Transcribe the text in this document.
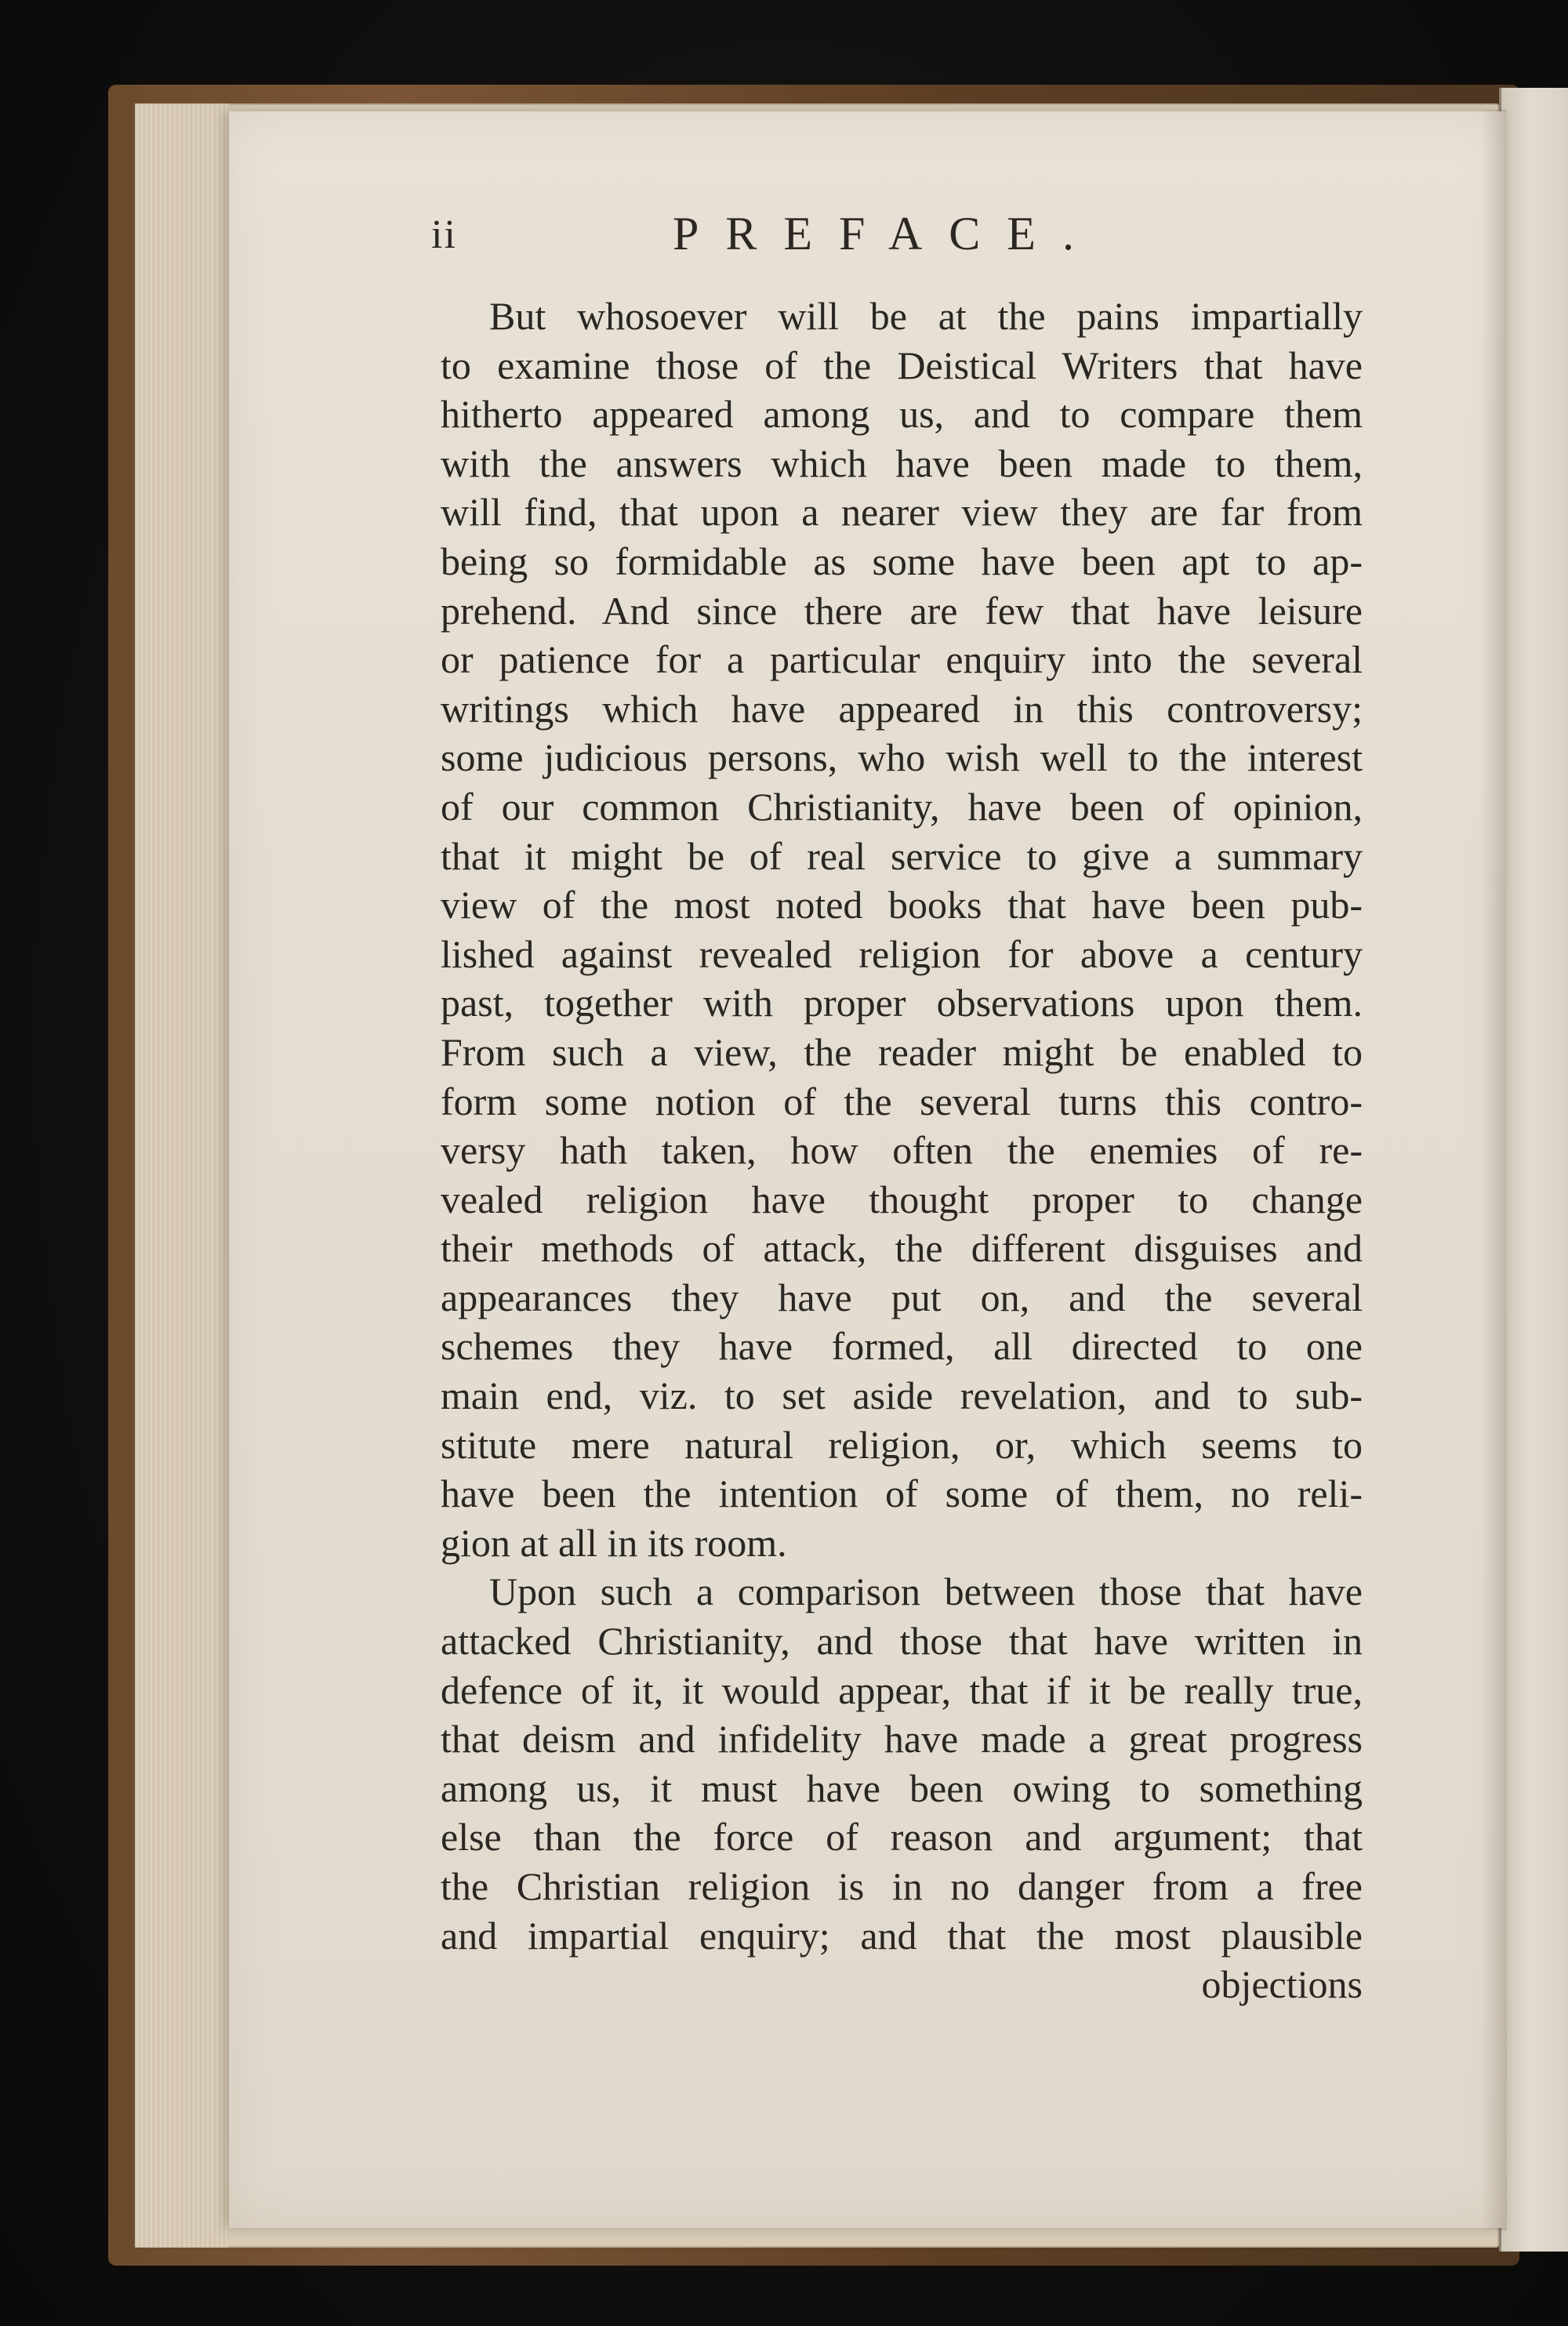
ii	PREFACE.
But whosoever will be at the pains impartially
to examine those of the Deistical Writers that have
hitherto appeared among us, and to compare them
with the answers which have been made to them,
will find, that upon a nearer view they are far from
being so formidable as some have been apt to ap-
prehend. And since there are few that have leisure
or patience for a particular enquiry into the several
writings which have appeared in this controversy;
some judicious persons, who wish well to the interest
of our common Christianity, have been of opinion,
that it might be of real service to give a summary
view of the most noted books that have been pub-
lished against revealed religion for above a century
past, together with proper observations upon them.
From such a view, the reader might be enabled to
form some notion of the several turns this contro-
versy hath taken, how often the enemies of re-
vealed religion have thought proper to change
their methods of attack, the different disguises and
appearances they have put on, and the several
schemes they have formed, all directed to one
main end, viz. to set aside revelation, and to sub-
stitute mere natural religion, or, which seems to
have been the intention of some of them, no reli-
gion at all in its room.
Upon such a comparison between those that have
attacked Christianity, and those that have written in
defence of it, it would appear, that if it be really true,
that deism and infidelity have made a great progress
among us, it must have been owing to something
else than the force of reason and argument; that
the Christian religion is in no danger from a free
and impartial enquiry; and that the most plausible
objections
